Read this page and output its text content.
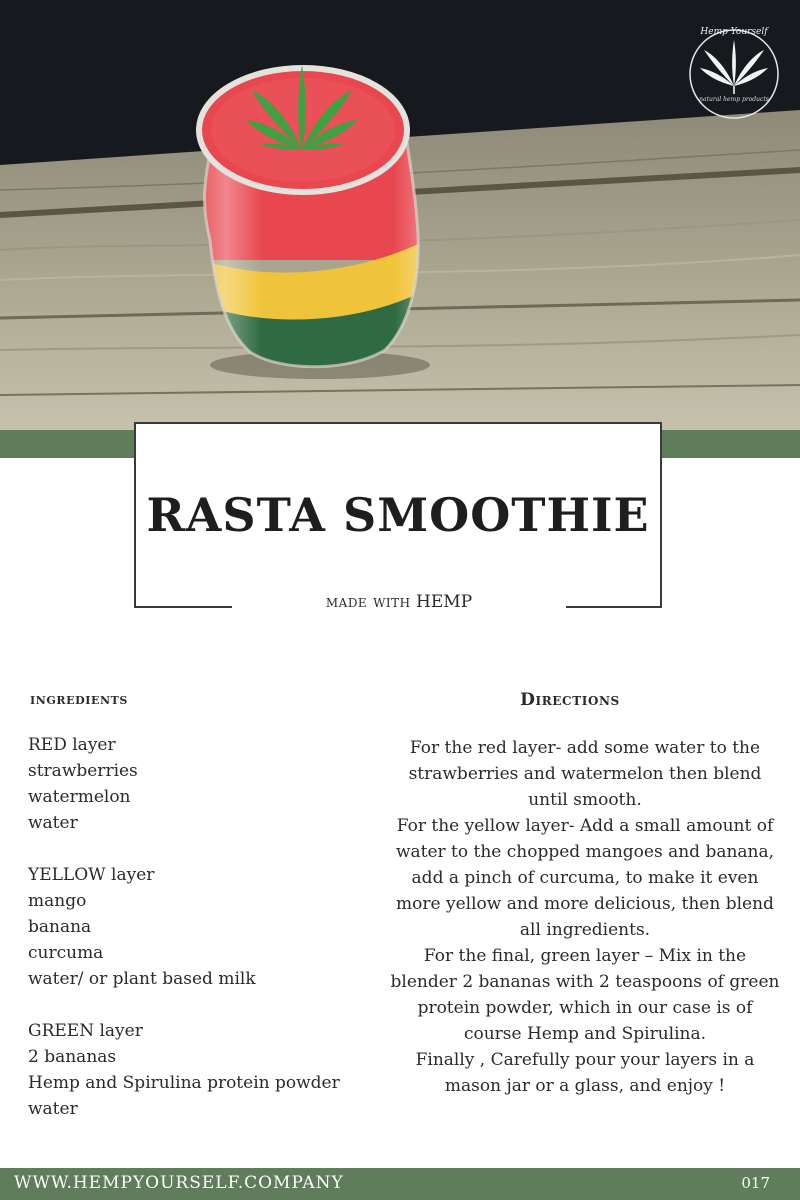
Hemp Yourself
natural hemp products
RASTA SMOOTHIE
made with HEMP
ingredients
RED layer
strawberries
watermelon
water
YELLOW layer
mango
banana
curcuma
water/ or plant based milk
GREEN layer
2 bananas
Hemp and Spirulina protein powder
water
Directions

For the red layer- add some water to the

strawberries and watermelon then blend

until smooth.

For the yellow layer- Add a small amount of

water to the chopped mangoes and banana,

add a pinch of curcuma, to make it even

more yellow and more delicious, then blend

all ingredients.

For the final, green layer – Mix in the

blender 2 bananas with 2 teaspoons of green

protein powder, which in our case is of

course Hemp and Spirulina.

Finally , Carefully pour your layers in a

mason jar or a glass, and enjoy !

WWW.HEMPYOURSELF.COMPANY	017
